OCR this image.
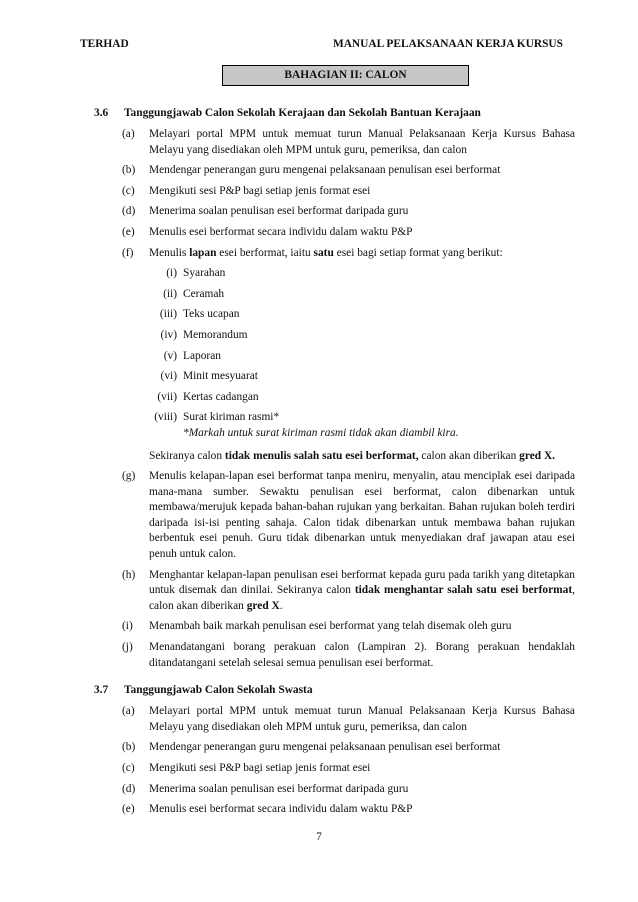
TERHAD	MANUAL PELAKSANAAN KERJA KURSUS
BAHAGIAN II: CALON
3.6 Tanggungjawab Calon Sekolah Kerajaan dan Sekolah Bantuan Kerajaan
(a) Melayari portal MPM untuk memuat turun Manual Pelaksanaan Kerja Kursus Bahasa Melayu yang disediakan oleh MPM untuk guru, pemeriksa, dan calon
(b) Mendengar penerangan guru mengenai pelaksanaan penulisan esei berformat
(c) Mengikuti sesi P&P bagi setiap jenis format esei
(d) Menerima soalan penulisan esei berformat daripada guru
(e) Menulis esei berformat secara individu dalam waktu P&P
(f) Menulis lapan esei berformat, iaitu satu esei bagi setiap format yang berikut:
(i) Syarahan
(ii) Ceramah
(iii) Teks ucapan
(iv) Memorandum
(v) Laporan
(vi) Minit mesyuarat
(vii) Kertas cadangan
(viii) Surat kiriman rasmi*
*Markah untuk surat kiriman rasmi tidak akan diambil kira.
Sekiranya calon tidak menulis salah satu esei berformat, calon akan diberikan gred X.
(g) Menulis kelapan-lapan esei berformat tanpa meniru, menyalin, atau menciplak esei daripada mana-mana sumber. Sewaktu penulisan esei berformat, calon dibenarkan untuk membawa/merujuk kepada bahan-bahan rujukan yang berkaitan. Bahan rujukan boleh terdiri daripada isi-isi penting sahaja. Calon tidak dibenarkan untuk membawa bahan rujukan berbentuk esei penuh. Guru tidak dibenarkan untuk menyediakan draf jawapan atau esei penuh untuk calon.
(h) Menghantar kelapan-lapan penulisan esei berformat kepada guru pada tarikh yang ditetapkan untuk disemak dan dinilai. Sekiranya calon tidak menghantar salah satu esei berformat, calon akan diberikan gred X.
(i) Menambah baik markah penulisan esei berformat yang telah disemak oleh guru
(j) Menandatangani borang perakuan calon (Lampiran 2). Borang perakuan hendaklah ditandatangani setelah selesai semua penulisan esei berformat.
3.7 Tanggungjawab Calon Sekolah Swasta
(a) Melayari portal MPM untuk memuat turun Manual Pelaksanaan Kerja Kursus Bahasa Melayu yang disediakan oleh MPM untuk guru, pemeriksa, dan calon
(b) Mendengar penerangan guru mengenai pelaksanaan penulisan esei berformat
(c) Mengikuti sesi P&P bagi setiap jenis format esei
(d) Menerima soalan penulisan esei berformat daripada guru
(e) Menulis esei berformat secara individu dalam waktu P&P
7
